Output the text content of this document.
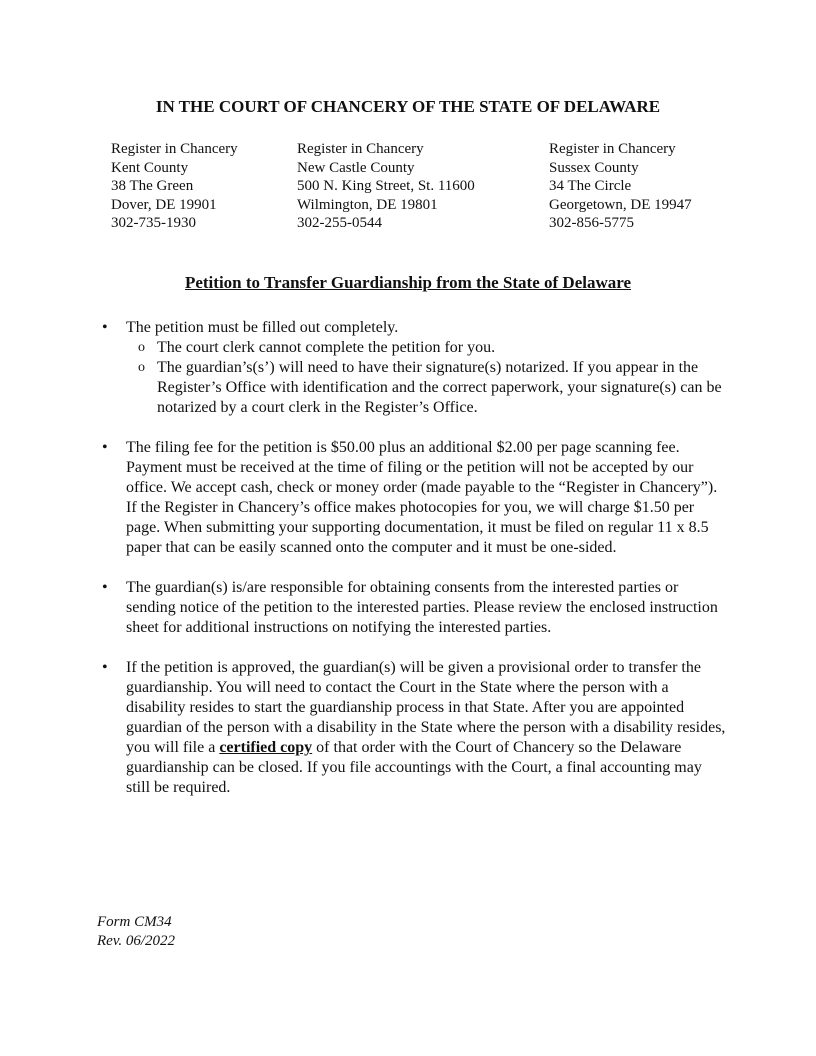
IN THE COURT OF CHANCERY OF THE STATE OF DELAWARE
Register in Chancery
Kent County
38 The Green
Dover, DE 19901
302-735-1930
Register in Chancery
New Castle County
500 N. King Street, St. 11600
Wilmington, DE 19801
302-255-0544
Register in Chancery
Sussex County
34 The Circle
Georgetown, DE 19947
302-856-5775
Petition to Transfer Guardianship from the State of Delaware
• The petition must be filled out completely.
o The court clerk cannot complete the petition for you.
o The guardian’s(s’) will need to have their signature(s) notarized. If you appear in the Register’s Office with identification and the correct paperwork, your signature(s) can be notarized by a court clerk in the Register’s Office.
• The filing fee for the petition is $50.00 plus an additional $2.00 per page scanning fee. Payment must be received at the time of filing or the petition will not be accepted by our office. We accept cash, check or money order (made payable to the “Register in Chancery”). If the Register in Chancery’s office makes photocopies for you, we will charge $1.50 per page. When submitting your supporting documentation, it must be filed on regular 11 x 8.5 paper that can be easily scanned onto the computer and it must be one-sided.
• The guardian(s) is/are responsible for obtaining consents from the interested parties or sending notice of the petition to the interested parties. Please review the enclosed instruction sheet for additional instructions on notifying the interested parties.
• If the petition is approved, the guardian(s) will be given a provisional order to transfer the guardianship. You will need to contact the Court in the State where the person with a disability resides to start the guardianship process in that State. After you are appointed guardian of the person with a disability in the State where the person with a disability resides, you will file a certified copy of that order with the Court of Chancery so the Delaware guardianship can be closed. If you file accountings with the Court, a final accounting may still be required.
Form CM34
Rev. 06/2022
